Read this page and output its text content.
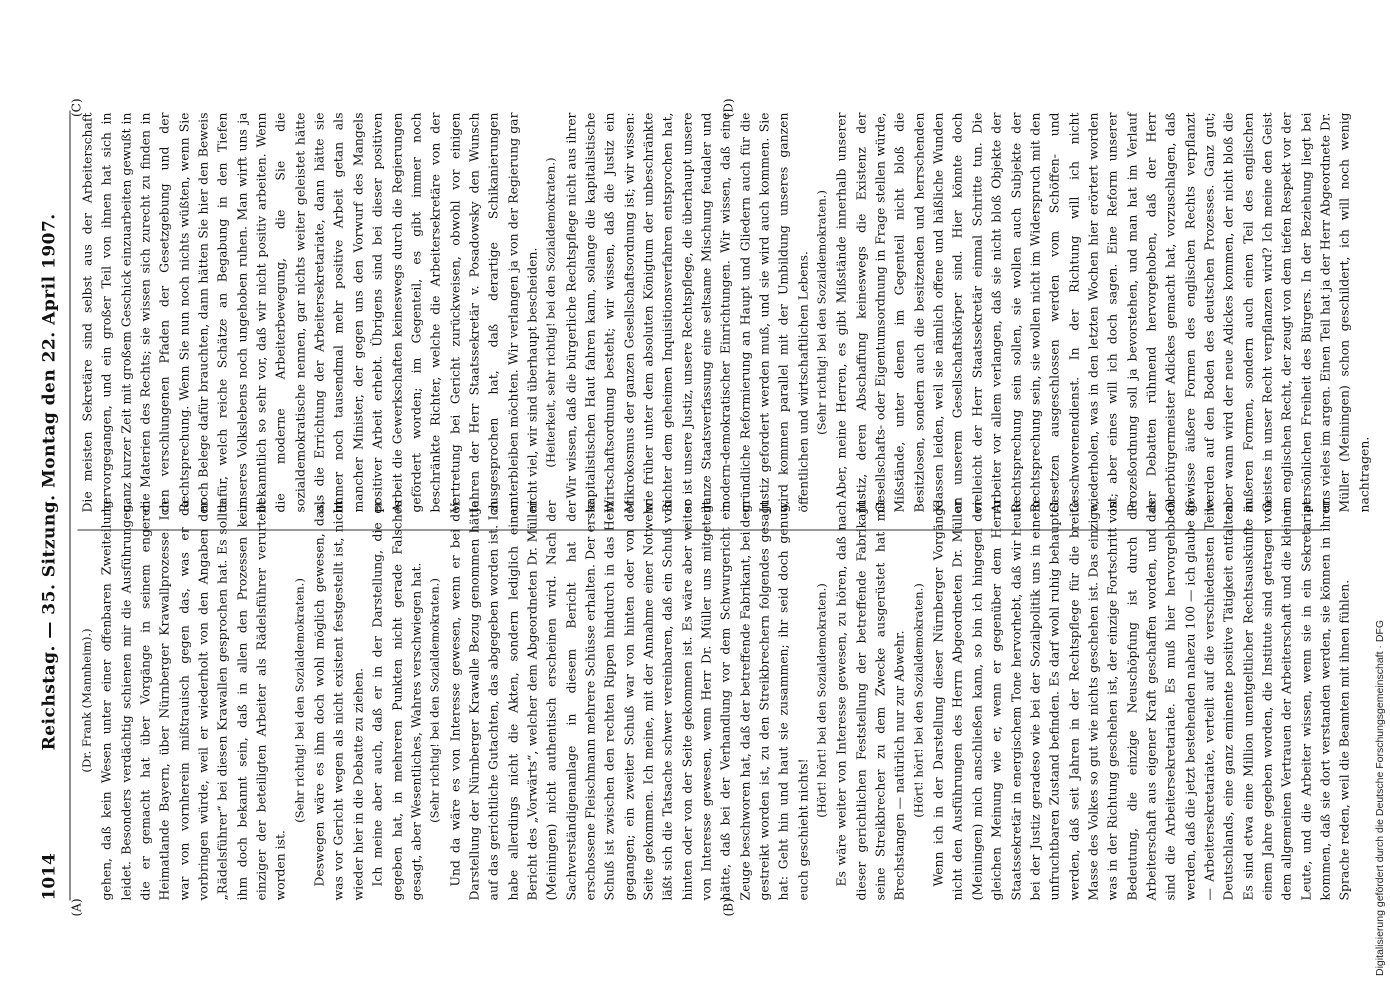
1014
Reichstag. — 35. Sitzung. Montag den 22. April 1907.
(A)	(B)
(C)	(D)

(Dr. Frank (Mannheim).) gehen, daß kein Wesen unter einer offenbaren Zweiteilung leidet. Besonders verdächtig schienen mir die Ausführungen, die er gemacht hat über Vorgänge in seinem engeren Heimatlande Bayern, über Nürnberger Krawallprozesse. Ich war von vornherein mißtrauisch gegen das, was er da vorbringen würde, weil er wiederholt von den Angaben der „Rädelsführer“ bei diesen Krawallen gesprochen hat. Es sollte ihm doch bekannt sein, daß in allen den Prozessen kein einziger der beteiligten Arbeiter als Rädelsführer verurteilt worden ist.

(Sehr richtig! bei den Sozialdemokraten.) Deswegen wäre es ihm doch wohl möglich gewesen, das, was vor Gericht wegen als nicht existent festgestellt ist, nicht wieder hier in die Debatte zu ziehen. Ich meine aber auch, daß er in der Darstellung, die er gegeben hat, in mehreren Punkten nicht gerade Falsches gesagt, aber Wesentliches, Wahres verschwiegen hat. (Sehr richtig! bei den Sozialdemokraten.) Und da wäre es von Interesse gewesen, wenn er bei der Darstellung der Nürnberger Krawalle Bezug genommen hätte auf das gerichtliche Gutachten, das abgegeben worden ist. Ich habe allerdings nicht die Akten, sondern lediglich einen Bericht des „Vorwärts“, welcher dem Abgeordneten Dr. Müller (Meiningen) nicht authentisch erscheinen wird. Nach der Sachverständigenanlage in diesem Bericht hat der erschossene Fleischmann mehrere Schüsse erhalten. Der erste Schuß ist zwischen den rechten Rippen hindurch in das Herz gegangen; ein zweiter Schuß war von hinten oder von der Seite gekommen. Ich meine, mit der Annahme einer Notwehr läßt sich die Tatsache schwer vereinbaren, daß ein Schuß von hinten oder von der Seite gekommen ist. Es wäre aber weiter von Interesse gewesen, wenn Herr Dr. Müller uns mitgeteilt hätte, daß bei der Verhandlung vor dem Schwurgericht ein Zeuge beschworen hat, daß der betreffende Fabrikant, bei dem gestreikt worden ist, zu den Streikbrechern folgendes gesagt hat: Geht hin und haut sie zusammen; ihr seid doch genug, euch geschieht nichts!

(Hört! hört! bei den Sozialdemokraten.) Es wäre weiter von Interesse gewesen, zu hören, daß nach dieser gerichtlichen Feststellung der betreffende Fabrikant seine Streikbrecher zu dem Zwecke ausgerüstet hat mit Brechstangen — natürlich nur zur Abwehr. (Hört! hört! bei den Sozialdemokraten.) Wenn ich in der Darstellung dieser Nürnberger Vorgänge nicht den Ausführungen des Herrn Abgeordneten Dr. Müller (Meiningen) mich anschließen kann, so bin ich hingegen der gleichen Meinung wie er, wenn er gegenüber dem Herrn Staatssekretär in energischem Tone hervorhebt, daß wir heute bei der Justiz geradeso wie bei der Sozialpolitik uns in einem unfruchtbaren Zustand befinden. Es darf wohl ruhig behauptet werden, daß seit Jahren in der Rechtspflege für die breite Masse des Volkes so gut wie nichts geschehen ist. Das einzige, was in der Richtung geschehen ist, der einzige Fortschritt von Bedeutung, die einzige Neuschöpfung ist durch die Arbeiterschaft aus eigener Kraft geschaffen worden, und das sind die Arbeitersekretariate. Es muß hier hervorgehoben werden, daß die jetzt bestehenden nahezu 100 — ich glaube 86 — Arbeitersekretariate, verteilt auf die verschiedensten Teile Deutschlands, eine ganz eminente positive Tätigkeit entfalten. Es sind etwa eine Million unentgeltlicher Rechtsauskünfte in einem Jahre gegeben worden, die Institute sind getragen von dem allgemeinen Vertrauen der Arbeiterschaft und die kleinen Leute, und die Arbeiter wissen, wenn sie in ein Sekretariat kommen, daß sie dort verstanden werden, sie können in ihrer Sprache reden, weil die Beamten mit ihnen fühlen.

Die meisten Sekretäre sind selbst aus der Arbeiterschaft hervorgegangen, und ein großer Teil von ihnen hat sich in ganz kurzer Zeit mit großem Geschick einzuarbeiten gewußt in die Materien des Rechts; sie wissen sich zurecht zu finden in den verschlungenen Pfaden der Gesetzgebung und der Rechtsprechung. Wenn Sie nun noch nichts wüßten, wenn Sie noch Belege dafür brauchten, dann hätten Sie hier den Beweis dafür, welch reiche Schätze an Begabung in den Tiefen unseres Volkslebens noch ungehoben ruhen. Man wirft uns ja bekanntlich so sehr vor, daß wir nicht positiv arbeiten. Wenn die moderne Arbeiterbewegung, die Sie die sozialdemokratische nennen, gar nichts weiter geleistet hätte als die Errichtung der Arbeitersekretariate, dann hätte sie immer noch tausendmal mehr positive Arbeit getan als mancher Minister, der gegen uns den Vorwurf des Mangels positiver Arbeit erhebt. Übrigens sind bei dieser positiven Arbeit die Gewerkschaften keineswegs durch die Regierungen gefördert worden; im Gegenteil, es gibt immer noch beschränkte Richter, welche die Arbeitersekretäre von der Vertretung bei Gericht zurückweisen, obwohl vor einigen Jahren der Herr Staatssekretär v. Posadowsky den Wunsch ausgesprochen hat, daß derartige Schikanierungen unterbleiben möchten. Wir verlangen ja von der Regierung gar nicht viel, wir sind überhaupt bescheiden. (Heiterkeit, sehr richtig! bei den Sozialdemokraten.) Wir wissen, daß die bürgerliche Rechtspflege nicht aus ihrer kapitalistischen Haut fahren kann, solange die kapitalistische Wirtschaftsordnung besteht; wir wissen, daß die Justiz ein Mikrokosmus der ganzen Gesellschaftsordnung ist; wir wissen: wie früher unter dem absoluten Königtum der unbeschränkte Richter dem geheimen Inquisitionsverfahren entsprochen hat, so ist unsere Justiz, unsere Rechtspflege, die überhaupt unsere ganze Staatsverfassung eine seltsame Mischung feudaler und modern-demokratischer Einrichtungen. Wir wissen, daß eine gründliche Reformierung an Haupt und Gliedern auch für die Justiz gefordert werden muß, und sie wird auch kommen. Sie wird kommen parallel mit der Umbildung unseres ganzen öffentlichen und wirtschaftlichen Lebens. (Sehr richtig! bei den Sozialdemokraten.) Aber, meine Herren, es gibt Mißstände innerhalb unserer Justiz, deren Abschaffung keineswegs die Existenz der Gesellschafts- oder Eigentumsordnung in Frage stellen würde, Mißstände, unter denen im Gegenteil nicht bloß die Besitzlosen, sondern auch die besitzenden und herrschenden Klassen leiden, weil sie nämlich offene und häßliche Wunden an unserem Gesellschaftskörper sind. Hier könnte doch vielleicht der Herr Staatssekretär einmal Schritte tun. Die Arbeiter vor allem verlangen, daß sie nicht bloß Objekte der Rechtsprechung sein sollen, sie wollen auch Subjekte der Rechtsprechung sein, sie wollen nicht im Widerspruch mit den Gesetzen ausgeschlossen werden vom Schöffen- und Geschworenendienst. In der Richtung will ich nicht wiederholen, was in den letzten Wochen hier erörtert worden ist; aber eines will ich doch sagen. Eine Reform unserer Prozeßordnung soll ja bevorstehen, und man hat im Verlauf der Debatten rühmend hervorgehoben, daß der Herr Oberbürgermeister Adickes gemacht hat, vorzuschlagen, daß gewisse äußere Formen des englischen Rechts verpflanzt werden auf den Boden des deutschen Prozesses. Ganz gut; aber wann wird der neue Adickes kommen, der nicht bloß die äußeren Formen, sondern auch einen Teil des englischen Geistes in unser Recht verpflanzen wird? Ich meine den Geist im englischen Recht, der zeugt von dem tiefen Respekt vor der persönlichen Freiheit des Bürgers. In der Beziehung liegt bei uns vieles im argen. Einen Teil hat ja der Herr Abgeordnete Dr. Müller (Meiningen) schon geschildert, ich will noch wenig nachtragen.

Digitalisierung gefördert durch die Deutsche Forschungsgemeinschaft · DFG
